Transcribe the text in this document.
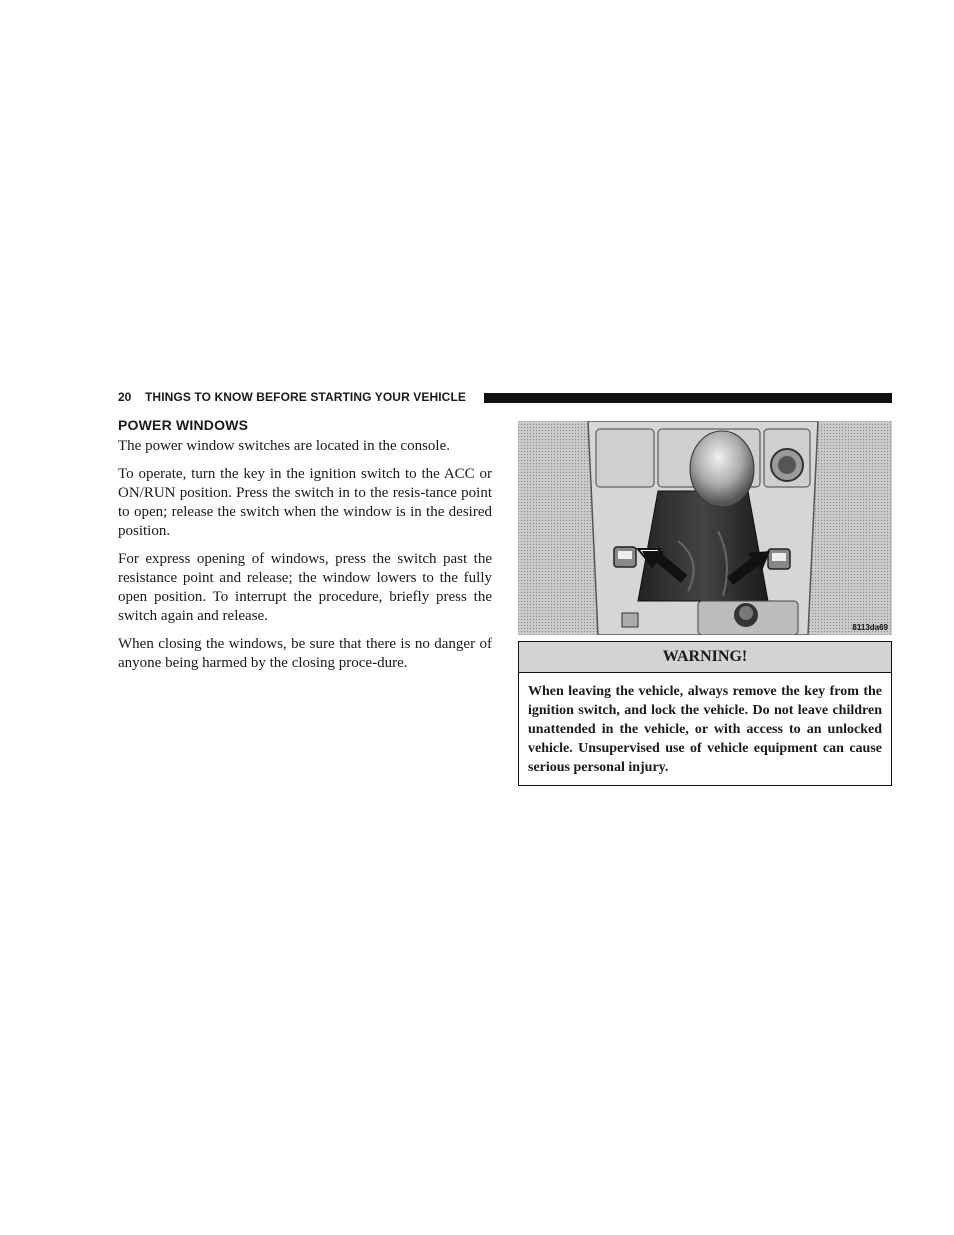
20 THINGS TO KNOW BEFORE STARTING YOUR VEHICLE
POWER WINDOWS

The power window switches are located in the console.

To operate, turn the key in the ignition switch to the ACC or ON/RUN position. Press the switch in to the resis-tance point to open; release the switch when the window is in the desired position.

For express opening of windows, press the switch past the resistance point and release; the window lowers to the fully open position. To interrupt the procedure, briefly press the switch again and release.

When closing the windows, be sure that there is no danger of anyone being harmed by the closing proce-dure.

8113da69
WARNING!
When leaving the vehicle, always remove the key from the ignition switch, and lock the vehicle. Do not leave children unattended in the vehicle, or with access to an unlocked vehicle. Unsupervised use of vehicle equipment can cause serious personal injury.
